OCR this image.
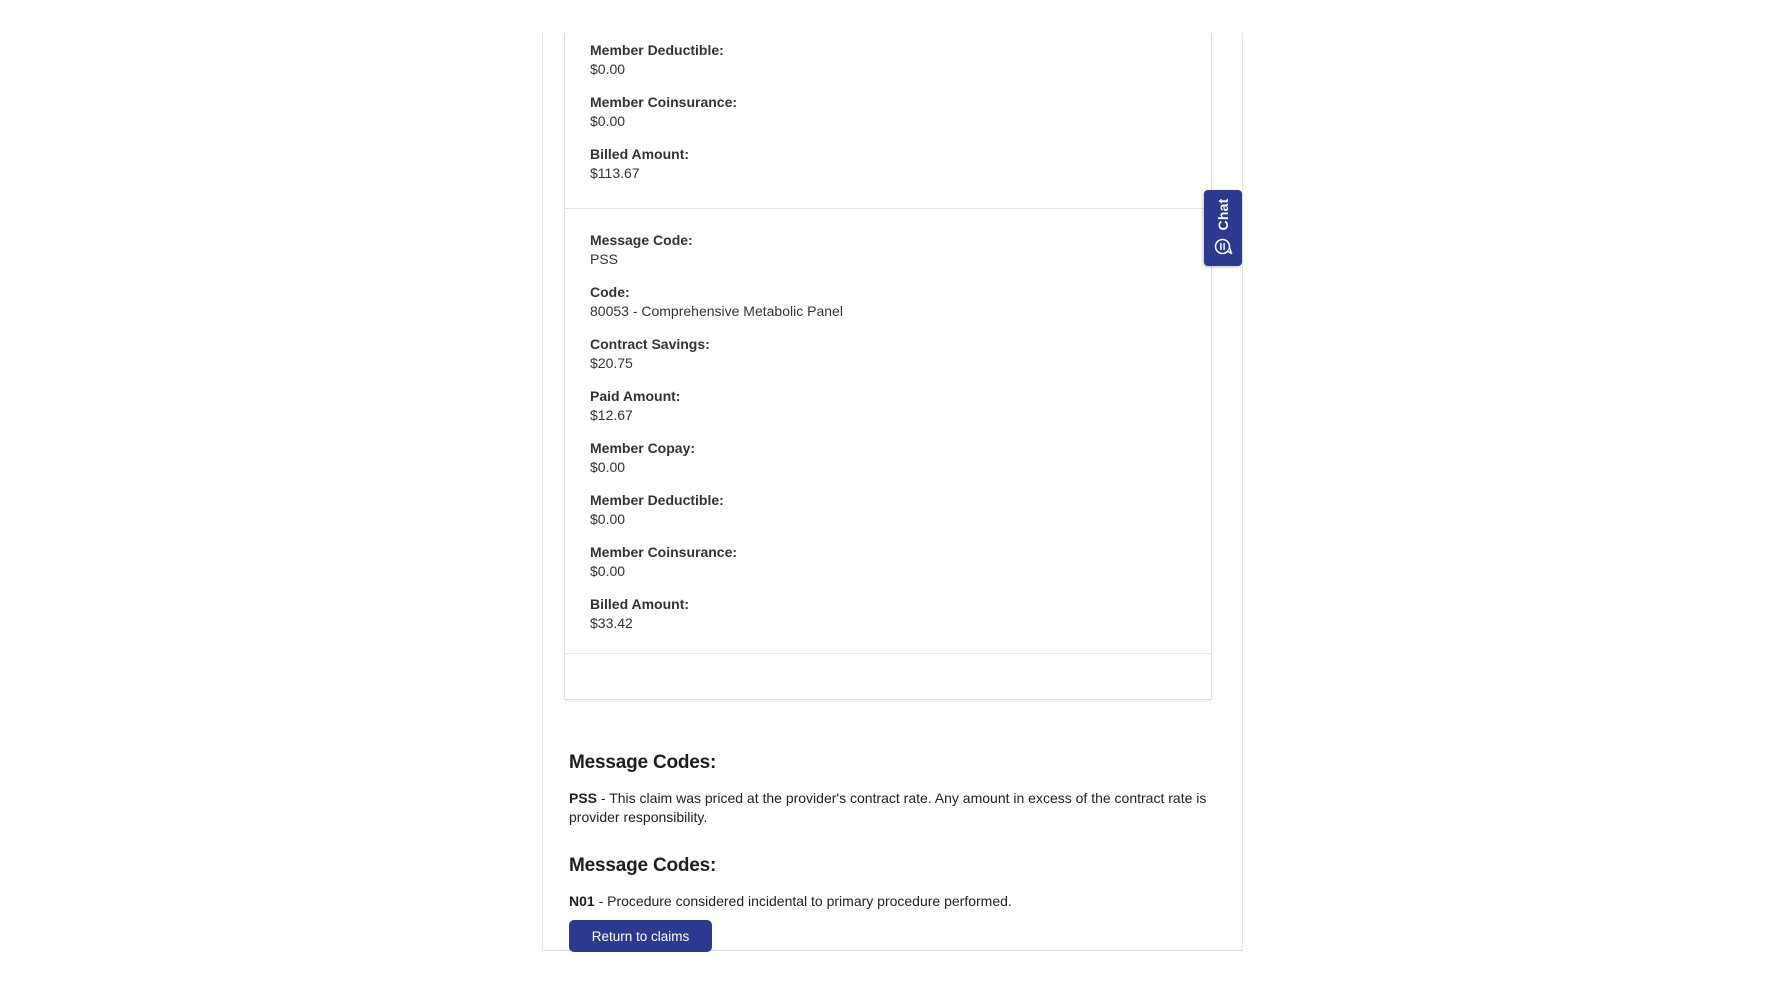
Member Deductible:
$0.00
Member Coinsurance:
$0.00
Billed Amount:
$113.67
Message Code:
PSS
Code:
80053 - Comprehensive Metabolic Panel
Contract Savings:
$20.75
Paid Amount:
$12.67
Member Copay:
$0.00
Member Deductible:
$0.00
Member Coinsurance:
$0.00
Billed Amount:
$33.42
Message Codes:

PSS - This claim was priced at the provider's contract rate. Any amount in excess of the contract rate is provider responsibility.

Message Codes:

N01 - Procedure considered incidental to primary procedure performed.

Return to claims
Chat
